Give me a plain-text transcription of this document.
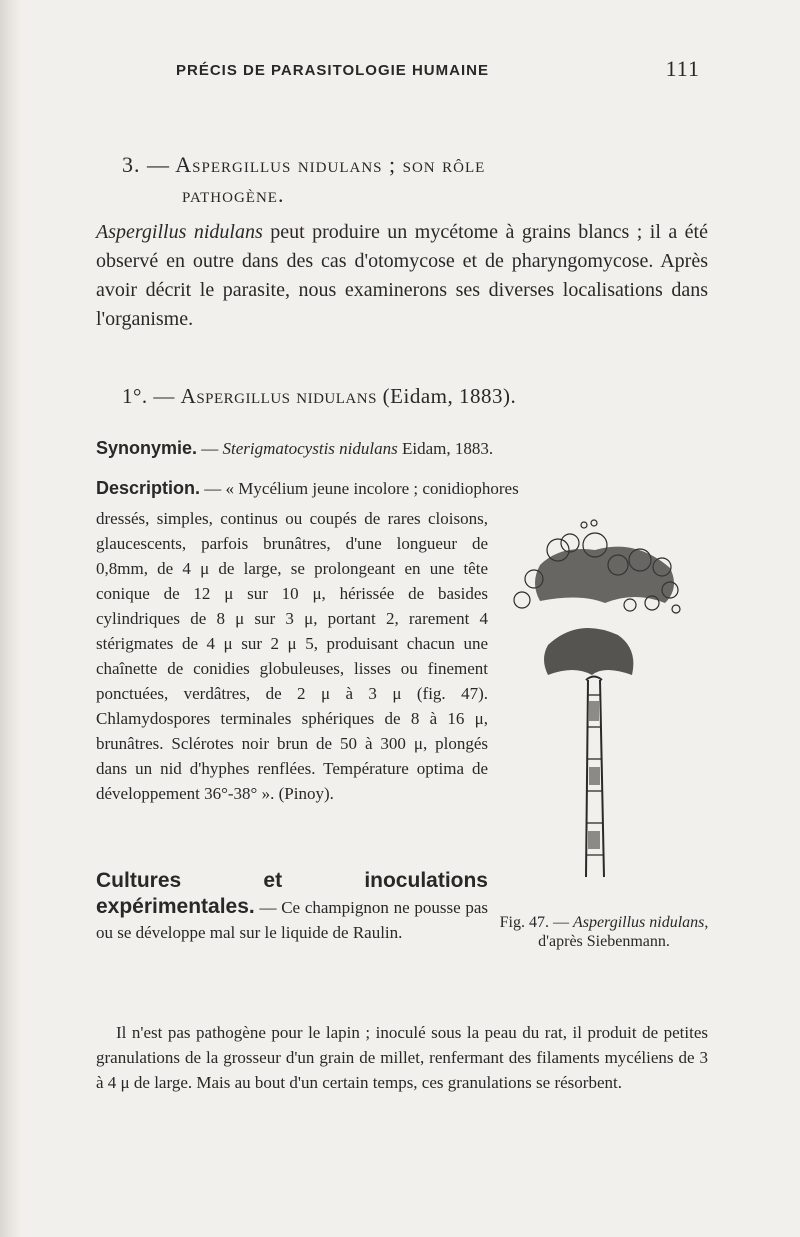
PRÉCIS DE PARASITOLOGIE HUMAINE	111
3. — Aspergillus nidulans ; son rôle
pathogène.

Aspergillus nidulans peut produire un mycétome à grains blancs ; il a été observé en outre dans des cas d'otomycose et de pharyngomycose. Après avoir décrit le parasite, nous examinerons ses diverses localisations dans l'organisme.

1°. — Aspergillus nidulans (Eidam, 1883).
Synonymie. — Sterigmatocystis nidulans Eidam, 1883.
Description. — « Mycélium jeune incolore ; conidiophores

dressés, simples, continus ou coupés de rares cloisons, glaucescents, parfois brunâtres, d'une longueur de 0,8mm, de 4 μ de large, se prolongeant en une tête conique de 12 μ sur 10 μ, hérissée de basides cylindriques de 8 μ sur 3 μ, portant 2, rarement 4 stérigmates de 4 μ sur 2 μ 5, produisant chacun une chaînette de conidies globuleuses, lisses ou finement ponctuées, verdâtres, de 2 μ à 3 μ (fig. 47). Chlamydospores terminales sphériques de 8 à 16 μ, brunâtres. Sclérotes noir brun de 50 à 300 μ, plongés dans un nid d'hyphes renflées. Température optima de développement 36°-38° ». (Pinoy).

Fig. 47. — Aspergillus nidulans, d'après Siebenmann.

Cultures et inoculations expérimentales. — Ce champignon ne pousse pas ou se développe mal sur le liquide de Raulin.

Il n'est pas pathogène pour le lapin ; inoculé sous la peau du rat, il produit de petites granulations de la grosseur d'un grain de millet, renfermant des filaments mycéliens de 3 à 4 μ de large. Mais au bout d'un certain temps, ces granulations se résorbent.
